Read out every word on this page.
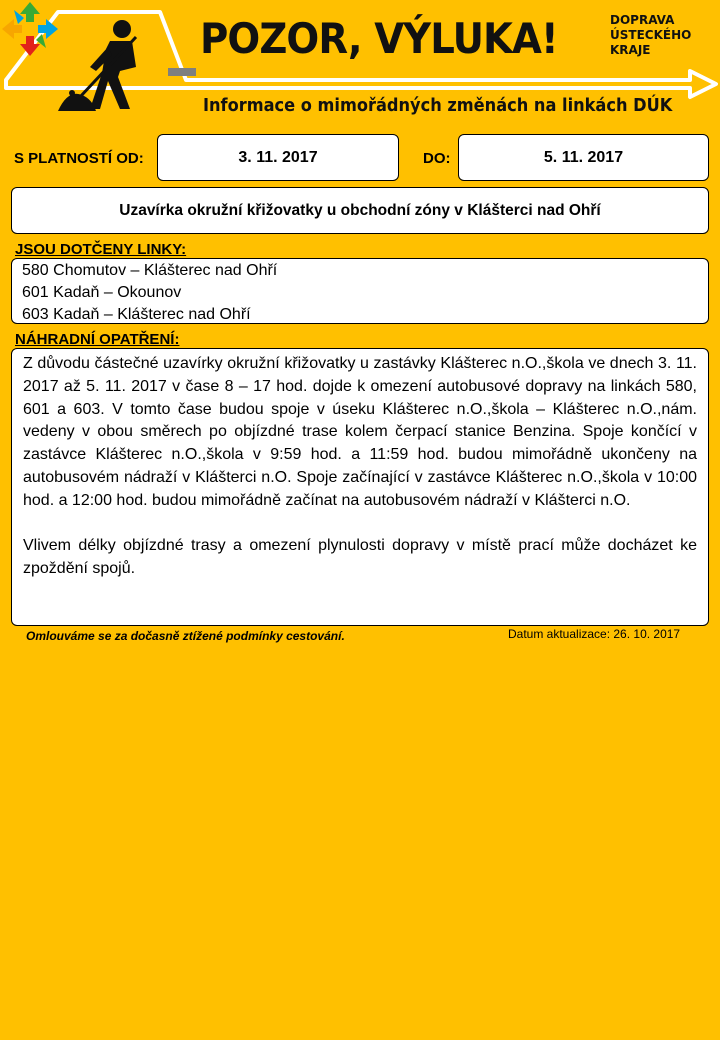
POZOR, VÝLUKA!
Informace o mimořádných změnách na linkách DÚK
DOPRAVA
ÚSTECKÉHO
KRAJE
S PLATNOSTÍ OD:	3. 11. 2017	DO:	5. 11. 2017
Uzavírka okružní křižovatky u obchodní zóny v Klášterci nad Ohří
JSOU DOTČENY LINKY:
580 Chomutov – Klášterec nad Ohří
601 Kadaň – Okounov
603 Kadaň – Klášterec nad Ohří
NÁHRADNÍ OPATŘENÍ:

Z důvodu částečné uzavírky okružní křižovatky u zastávky Klášterec n.O.,škola ve dnech 3. 11. 2017 až 5. 11. 2017 v čase 8 – 17 hod. dojde k omezení autobusové dopravy na linkách 580, 601 a 603. V tomto čase budou spoje v úseku Klášterec n.O.,škola – Klášterec n.O.,nám. vedeny v obou směrech po objízdné trase kolem čerpací stanice Benzina. Spoje končící v zastávce Klášterec n.O.,škola v 9:59 hod. a 11:59 hod. budou mimořádně ukončeny na autobusovém nádraží v Klášterci n.O. Spoje začínající v zastávce Klášterec n.O.,škola v 10:00 hod. a 12:00 hod. budou mimořádně začínat na autobusovém nádraží v Klášterci n.O.

Vlivem délky objízdné trasy a omezení plynulosti dopravy v místě prací může docházet ke zpoždění spojů.

Omlouváme se za dočasně ztížené podmínky cestování.	Datum aktualizace: 26. 10. 2017
